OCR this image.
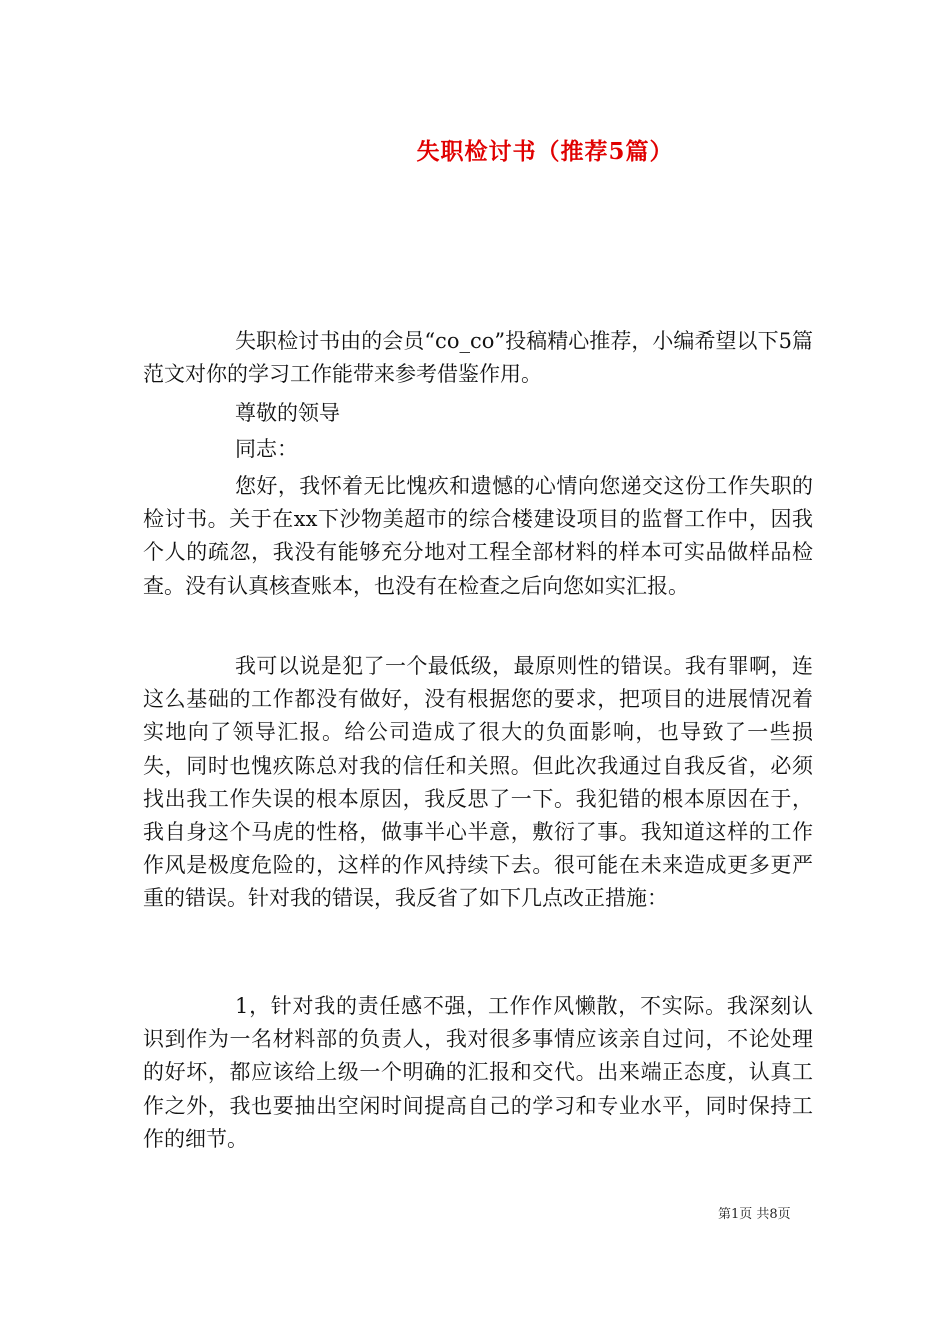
失职检讨书（推荐5篇）

失职检讨书由的会员“co_co”投稿精心推荐，小编希望以下5篇范文对你的学习工作能带来参考借鉴作用。

尊敬的领导

同志：

您好，我怀着无比愧疚和遗憾的心情向您递交这份工作失职的检讨书。关于在xx下沙物美超市的综合楼建设项目的监督工作中，因我个人的疏忽，我没有能够充分地对工程全部材料的样本可实品做样品检查。没有认真核查账本，也没有在检查之后向您如实汇报。

我可以说是犯了一个最低级，最原则性的错误。我有罪啊，连这么基础的工作都没有做好，没有根据您的要求，把项目的进展情况着实地向了领导汇报。给公司造成了很大的负面影响，也导致了一些损失，同时也愧疚陈总对我的信任和关照。但此次我通过自我反省，必须找出我工作失误的根本原因，我反思了一下。我犯错的根本原因在于，我自身这个马虎的性格，做事半心半意，敷衍了事。我知道这样的工作作风是极度危险的，这样的作风持续下去。很可能在未来造成更多更严重的错误。针对我的错误，我反省了如下几点改正措施：

1，针对我的责任感不强，工作作风懒散，不实际。我深刻认识到作为一名材料部的负责人，我对很多事情应该亲自过问，不论处理的好坏，都应该给上级一个明确的汇报和交代。出来端正态度，认真工作之外，我也要抽出空闲时间提高自己的学习和专业水平，同时保持工作的细节。

第1页 共8页
